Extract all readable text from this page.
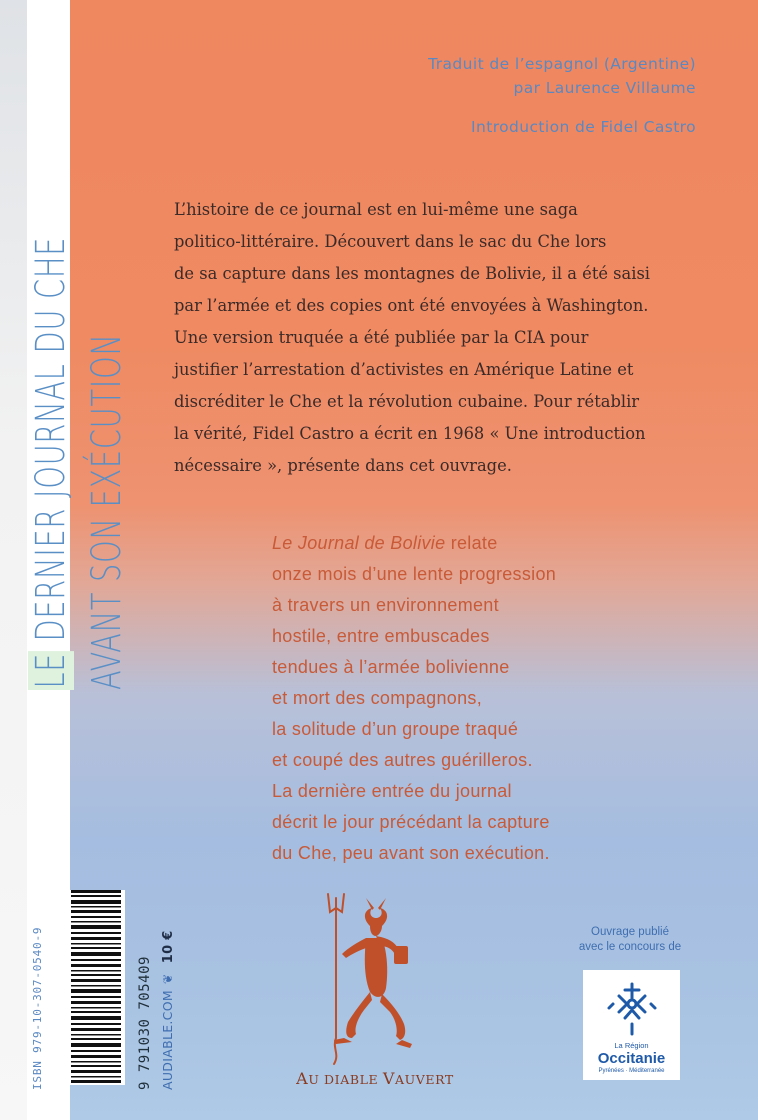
LE DERNIER JOURNAL DU CHE AVANT SON EXÉCUTION
Traduit de l’espagnol (Argentine)
par Laurence Villaume
Introduction de Fidel Castro

L’histoire de ce journal est en lui-même une saga

politico-littéraire. Découvert dans le sac du Che lors

de sa capture dans les montagnes de Bolivie, il a été saisi

par l’armée et des copies ont été envoyées à Washington.

Une version truquée a été publiée par la CIA pour

justifier l’arrestation d’activistes en Amérique Latine et

discréditer le Che et la révolution cubaine. Pour rétablir

la vérité, Fidel Castro a écrit en 1968 « Une introduction

nécessaire », présente dans cet ouvrage.

Le Journal de Bolivie relate

onze mois d’une lente progression

à travers un environnement

hostile, entre embuscades

tendues à l’armée bolivienne

et mort des compagnons,

la solitude d’un groupe traqué

et coupé des autres guérilleros.

La dernière entrée du journal

décrit le jour précédant la capture

du Che, peu avant son exécution.

ISBN 979-10-307-0540-9	9 791030 705409 AUDIABLE.COM❦10 €
AU DIABLE VAUVERT
Ouvrage publié
avec le concours de
La Région
Occitanie
Pyrénées · Méditerranée
